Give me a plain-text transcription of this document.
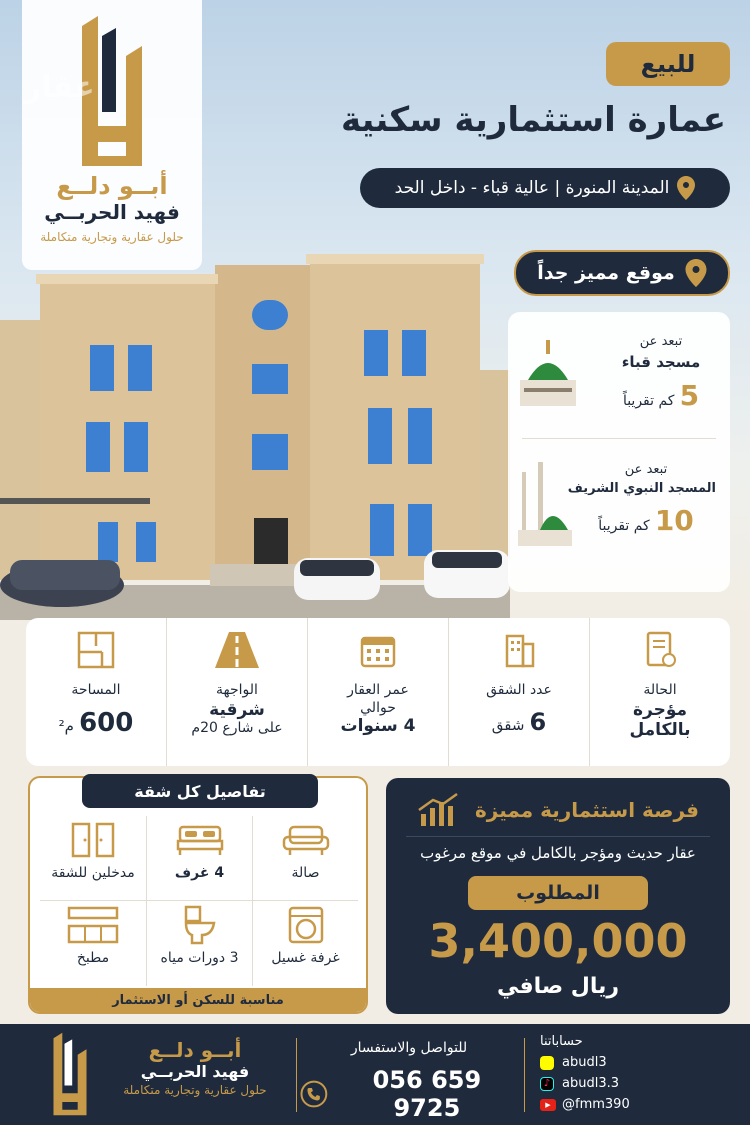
أبــو دلــع
فهيد الحربــي
حلول عقارية وتجارية متكاملة
عقار
للبيع
عمارة استثمارية سكنية
المدينة المنورة | عالية قباء - داخل الحد
موقع مميز جداً
تبعد عن
مسجد قباء
5 كم تقريباً
تبعد عن
المسجد النبوي الشريف
10 كم تقريباً
الحالة
مؤجرة
بالكامل
عدد الشقق
6 شقق
عمر العقار
حوالي
4 سنوات
الواجهة
شرقية
على شارع 20م
المساحة
600 م²
تفاصيل كل شقة
صالة
4 غرف
مدخلين للشقة
غرفة غسيل
3 دورات مياه
مطبخ
مناسبة للسكن أو الاستثمار
فرصة استثمارية مميزة
عقار حديث ومؤجر بالكامل في موقع مرغوب
المطلوب
3,400,000
ريال صافي
أبــو دلــع
فهيد الحربــي
حلول عقارية وتجارية متكاملة
للتواصل والاستفسار
056 659 9725
حساباتنا
abudl3
♪ abudl3.3
▶ @fmm390
